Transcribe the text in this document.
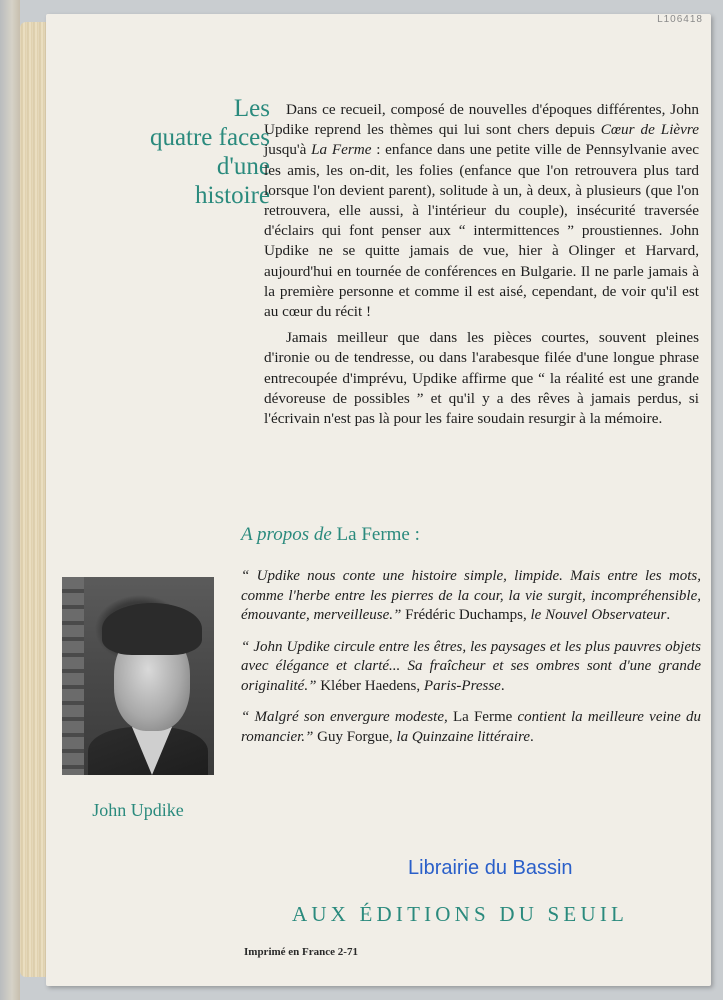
L106418
Les
quatre faces
d'une
histoire

Dans ce recueil, composé de nouvelles d'époques différentes, John Updike reprend les thèmes qui lui sont chers depuis Cœur de Lièvre jusqu'à La Ferme : enfance dans une petite ville de Pennsylvanie avec les amis, les on-dit, les folies (enfance que l'on retrouvera plus tard lorsque l'on devient parent), solitude à un, à deux, à plusieurs (que l'on retrouvera, elle aussi, à l'intérieur du couple), insécurité traversée d'éclairs qui font penser aux “ intermittences ” proustiennes. John Updike ne se quitte jamais de vue, hier à Olinger et Harvard, aujourd'hui en tournée de conférences en Bulgarie. Il ne parle jamais à la première personne et comme il est aisé, cependant, de voir qu'il est au cœur du récit !

Jamais meilleur que dans les pièces courtes, souvent pleines d'ironie ou de tendresse, ou dans l'arabesque filée d'une longue phrase entrecoupée d'imprévu, Updike affirme que “ la réalité est une grande dévoreuse de possibles ” et qu'il y a des rêves à jamais perdus, si l'écrivain n'est pas là pour les faire soudain resurgir à la mémoire.

A propos de La Ferme :

“ Updike nous conte une histoire simple, limpide. Mais entre les mots, comme l'herbe entre les pierres de la cour, la vie surgit, incompréhensible, émouvante, merveilleuse.” Frédéric Duchamps, le Nouvel Observateur.

“ John Updike circule entre les êtres, les paysages et les plus pauvres objets avec élégance et clarté... Sa fraîcheur et ses ombres sont d'une grande originalité.” Kléber Haedens, Paris-Presse.

“ Malgré son envergure modeste, La Ferme contient la meilleure veine du romancier.” Guy Forgue, la Quinzaine littéraire.

John Updike
Librairie du Bassin
AUX ÉDITIONS DU SEUIL
Imprimé en France 2-71
